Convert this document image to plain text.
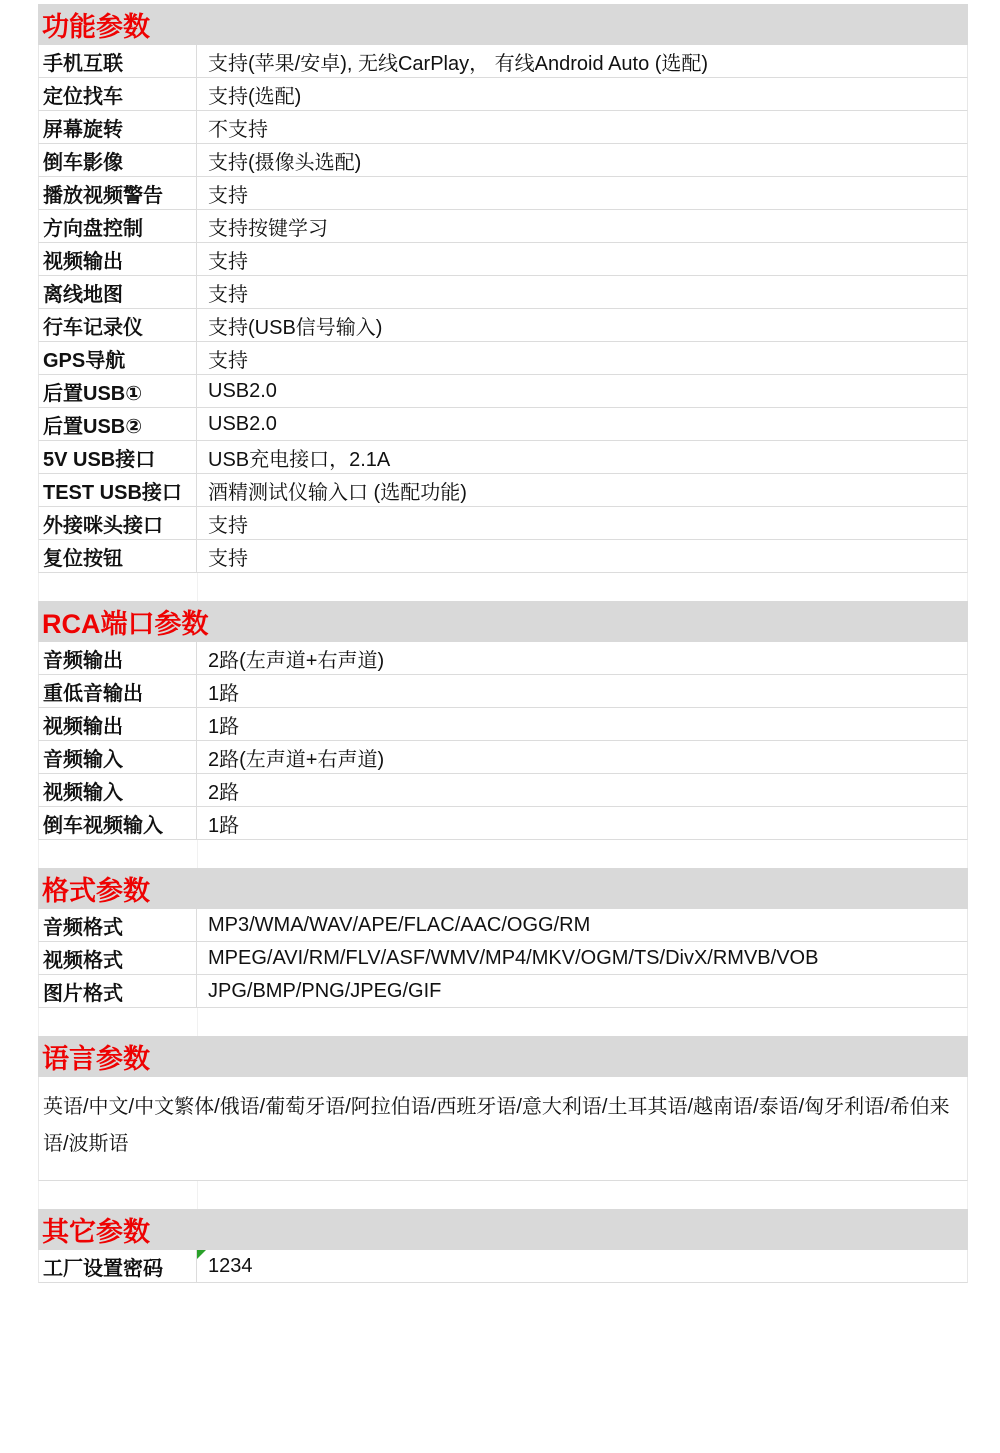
功能参数
手机互联	支持(苹果/安卓), 无线CarPlay， 有线Android Auto (选配)
定位找车	支持(选配)
屏幕旋转	不支持
倒车影像	支持(摄像头选配)
播放视频警告	支持
方向盘控制	支持按键学习
视频输出	支持
离线地图	支持
行车记录仪	支持(USB信号输入)
GPS导航	支持
后置USB①	USB2.0
后置USB②	USB2.0
5V USB接口	USB充电接口，2.1A
TEST USB接口	酒精测试仪输入口 (选配功能)
外接咪头接口	支持
复位按钮	支持
RCA端口参数
音频输出	2路(左声道+右声道)
重低音输出	1路
视频输出	1路
音频输入	2路(左声道+右声道)
视频输入	2路
倒车视频输入	1路
格式参数
音频格式	MP3/WMA/WAV/APE/FLAC/AAC/OGG/RM
视频格式	MPEG/AVI/RM/FLV/ASF/WMV/MP4/MKV/OGM/TS/DivX/RMVB/VOB
图片格式	JPG/BMP/PNG/JPEG/GIF
语言参数
英语/中文/中文繁体/俄语/葡萄牙语/阿拉伯语/西班牙语/意大利语/土耳其语/越南语/泰语/匈牙利语/希伯来语/波斯语
其它参数
工厂设置密码	1234
